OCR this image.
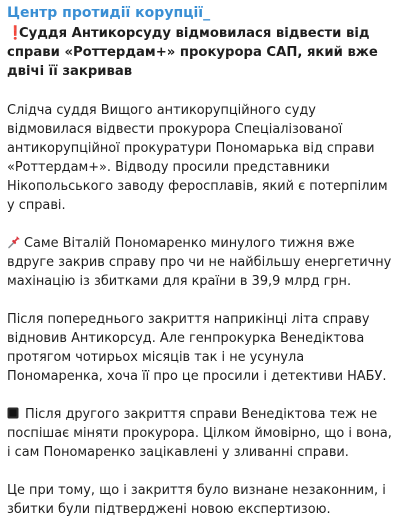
Центр протидії корупції_
❗Суддя Антикорсуду відмовилася відвести від справи «Роттердам+» прокурора САП, який вже двічі її закривав
Слідча суддя Вищого антикорупційного суду відмовилася відвести прокурора Спеціалізованої антикорупційної прокуратури Пономарька від справи «Роттердам+». Відводу просили представники Нікопольського заводу феросплавів, який є потерпілим у справі.
Саме Віталій Пономаренко минулого тижня вже вдруге закрив справу про чи не найбільшу енергетичну махінацію із збитками для країни в 39,9 млрд грн.
Після попереднього закриття наприкінці літа справу відновив Антикорсуд. Але генпрокурка Венедіктова протягом чотирьох місяців так і не усунула Пономаренка, хоча її про це просили і детективи НАБУ.
Після другого закриття справи Венедіктова теж не поспішає міняти прокурора. Цілком ймовірно, що і вона, і сам Пономаренко зацікавлені у зливанні справи.
Це при тому, що і закриття було визнане незаконним, і збитки були підтверджені новою експертизою.
